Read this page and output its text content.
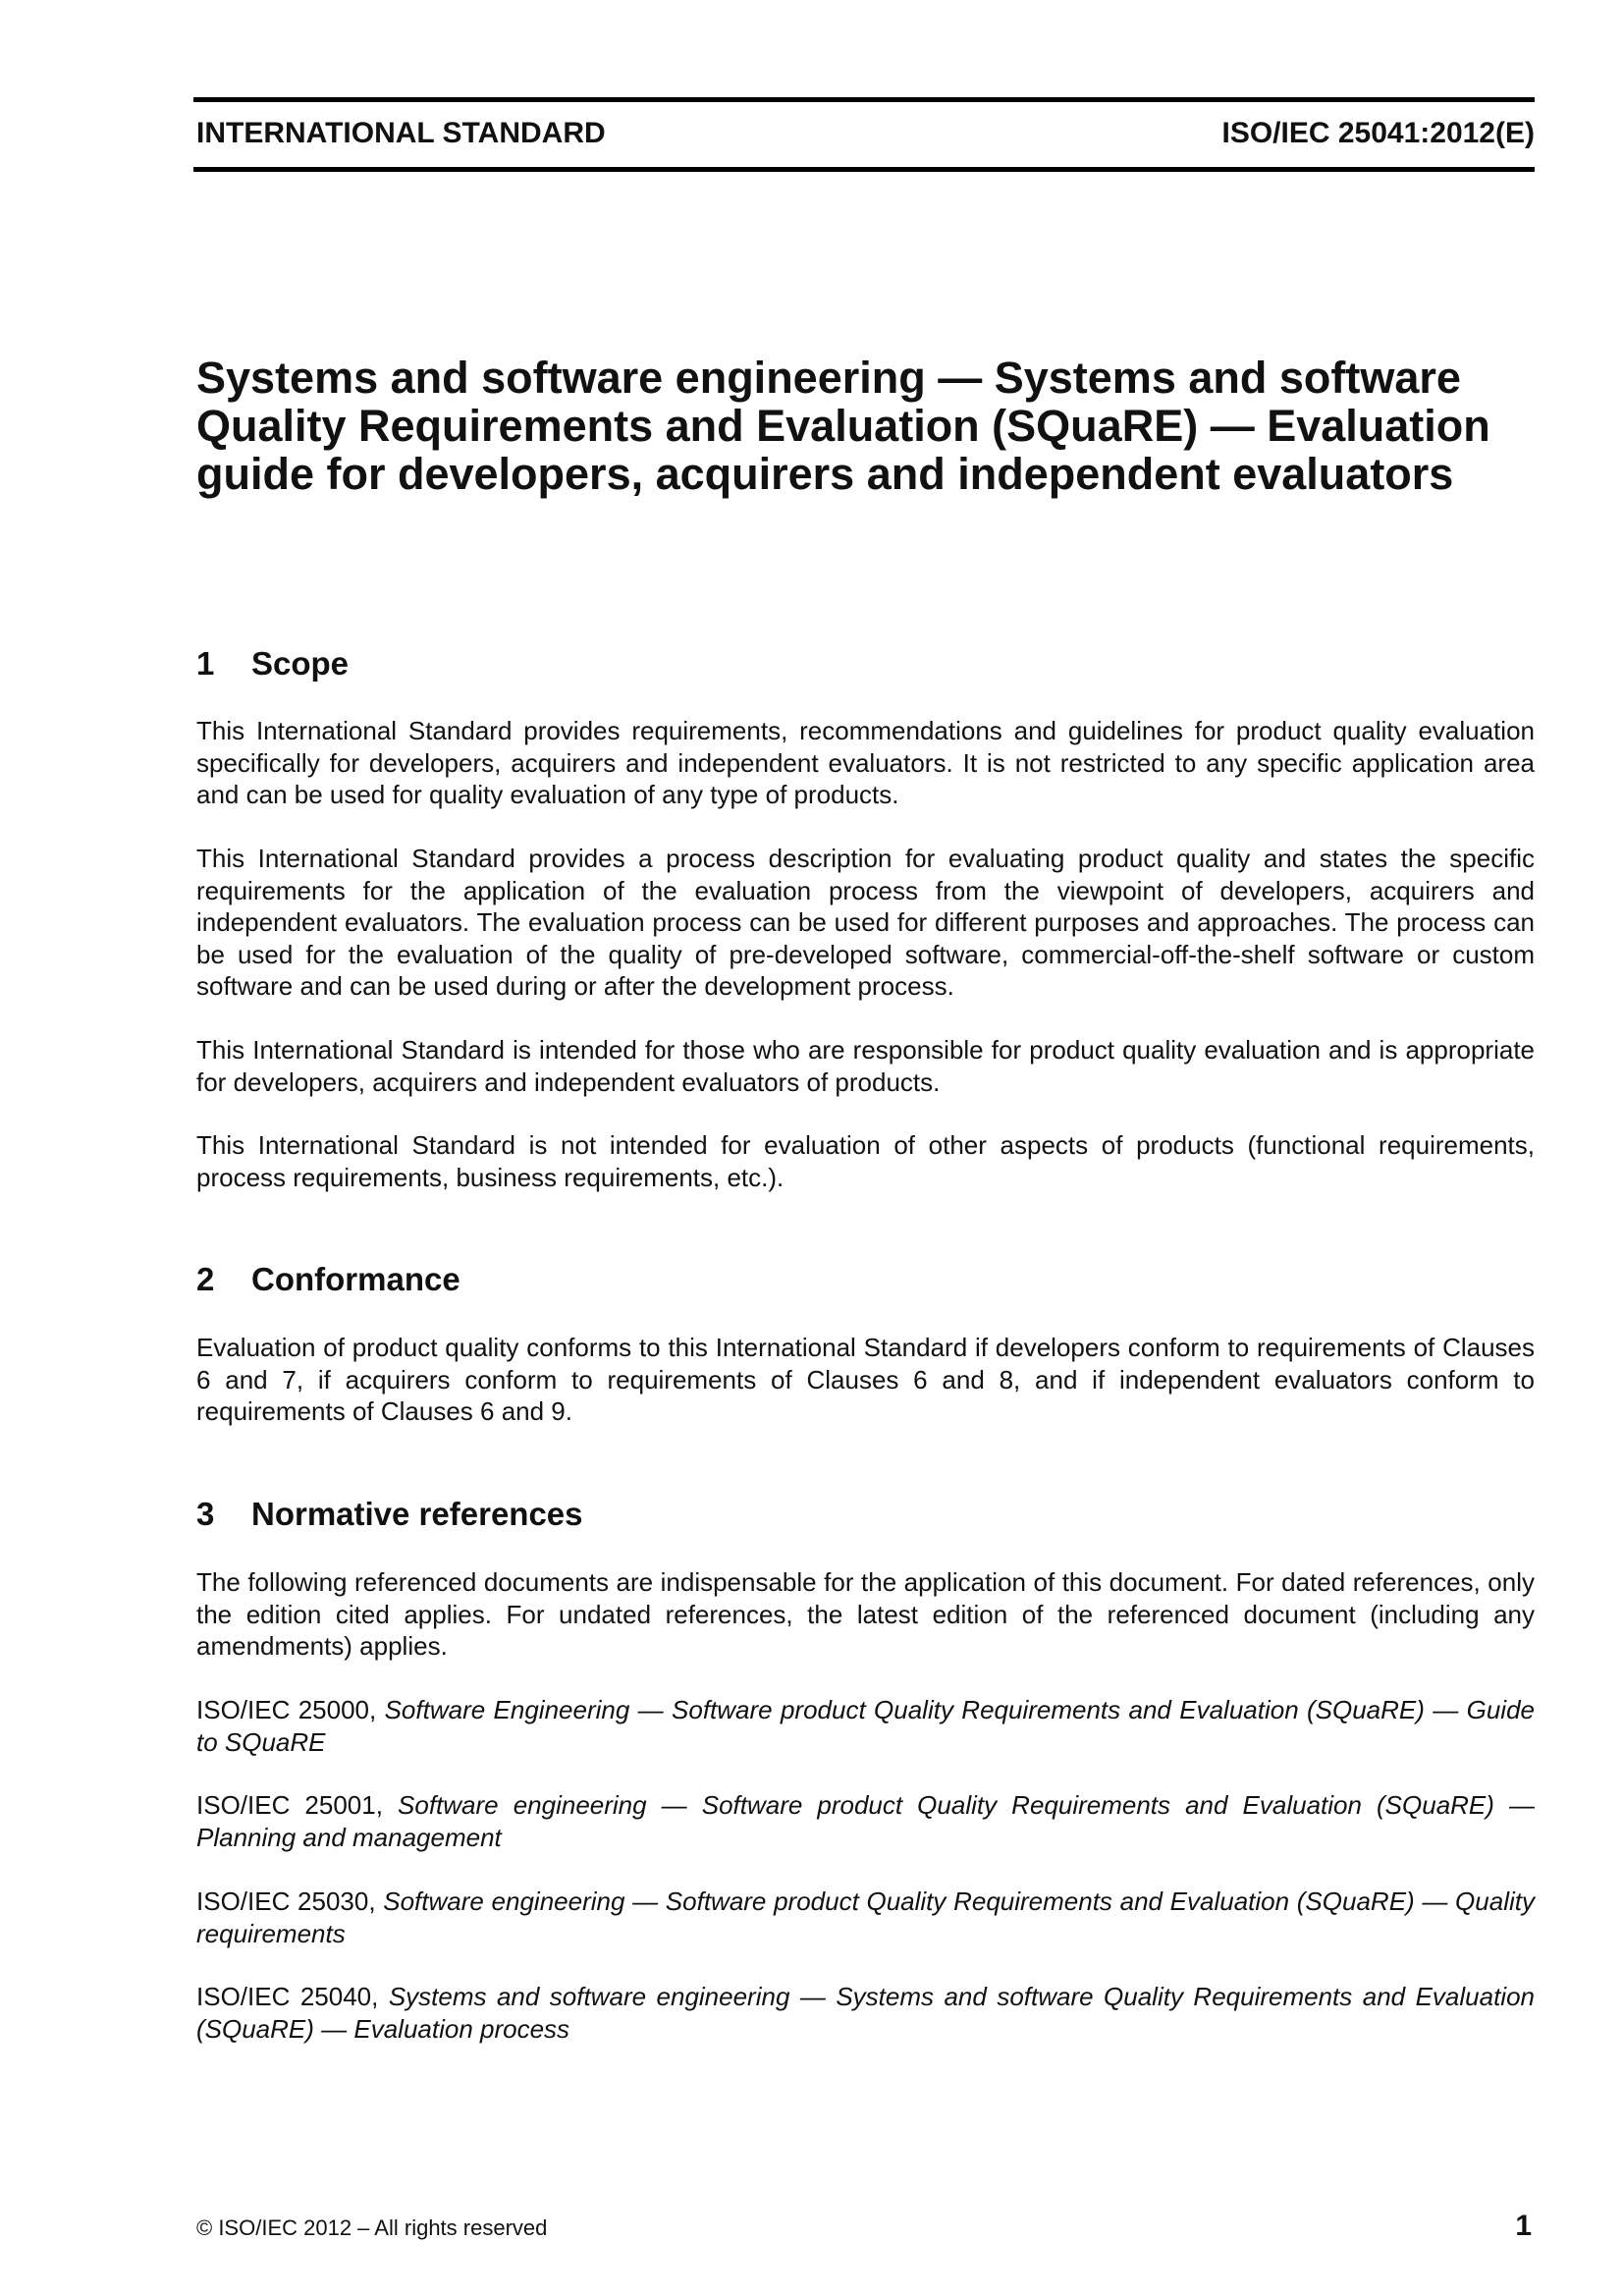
INTERNATIONAL STANDARD	ISO/IEC 25041:2012(E)
Systems and software engineering — Systems and software
Quality Requirements and Evaluation (SQuaRE) — Evaluation
guide for developers, acquirers and independent evaluators
1 Scope

This International Standard provides requirements, recommendations and guidelines for product quality evaluation specifically for developers, acquirers and independent evaluators. It is not restricted to any specific application area and can be used for quality evaluation of any type of products.

This International Standard provides a process description for evaluating product quality and states the specific requirements for the application of the evaluation process from the viewpoint of developers, acquirers and independent evaluators. The evaluation process can be used for different purposes and approaches. The process can be used for the evaluation of the quality of pre-developed software, commercial-off-the-shelf software or custom software and can be used during or after the development process.

This International Standard is intended for those who are responsible for product quality evaluation and is appropriate for developers, acquirers and independent evaluators of products.

This International Standard is not intended for evaluation of other aspects of products (functional requirements, process requirements, business requirements, etc.).

2 Conformance

Evaluation of product quality conforms to this International Standard if developers conform to requirements of Clauses 6 and 7, if acquirers conform to requirements of Clauses 6 and 8, and if independent evaluators conform to requirements of Clauses 6 and 9.

3 Normative references

The following referenced documents are indispensable for the application of this document. For dated references, only the edition cited applies. For undated references, the latest edition of the referenced document (including any amendments) applies.

ISO/IEC 25000, Software Engineering — Software product Quality Requirements and Evaluation (SQuaRE) — Guide to SQuaRE

ISO/IEC 25001, Software engineering — Software product Quality Requirements and Evaluation (SQuaRE) — Planning and management

ISO/IEC 25030, Software engineering — Software product Quality Requirements and Evaluation (SQuaRE) — Quality requirements

ISO/IEC 25040, Systems and software engineering — Systems and software Quality Requirements and Evaluation (SQuaRE) — Evaluation process

© ISO/IEC 2012 – All rights reserved	1
